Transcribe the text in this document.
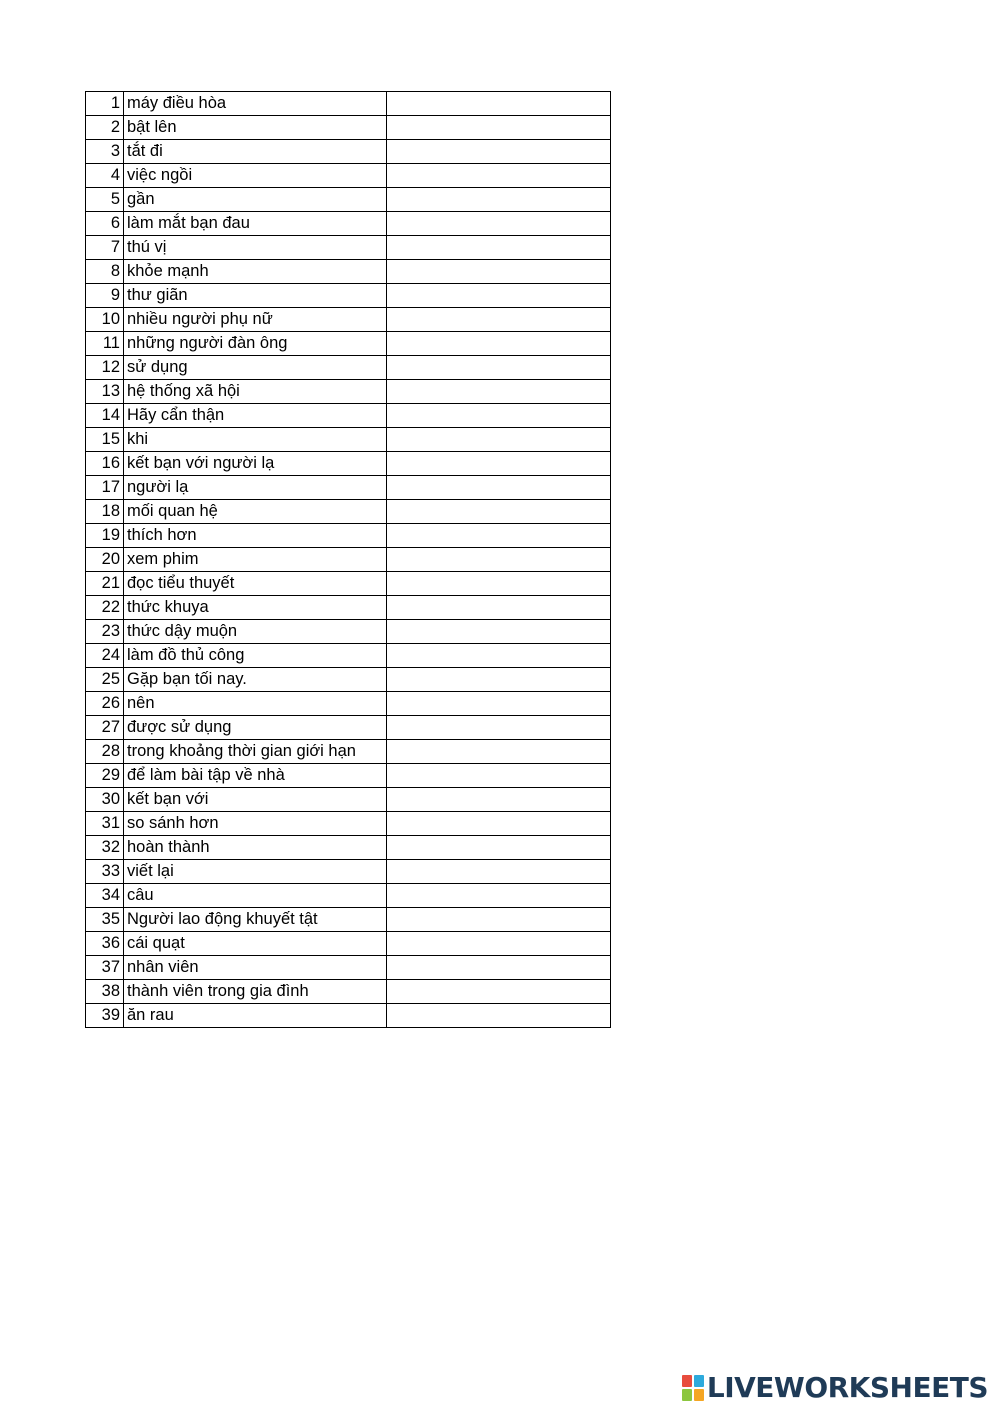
1	máy điều hòa	
2	bật lên	
3	tắt đi	
4	việc ngồi	
5	gần	
6	làm mắt bạn đau	
7	thú vị	
8	khỏe mạnh	
9	thư giãn	
10	nhiều người phụ nữ	
11	những người đàn ông	
12	sử dụng	
13	hệ thống xã hội	
14	Hãy cẩn thận	
15	khi	
16	kết bạn với người lạ	
17	người lạ	
18	mối quan hệ	
19	thích hơn	
20	xem phim	
21	đọc tiểu thuyết	
22	thức khuya	
23	thức dậy muộn	
24	làm đồ thủ công	
25	Gặp bạn tối nay.	
26	nên	
27	được sử dụng	
28	trong khoảng thời gian giới hạn	
29	để làm bài tập về nhà	
30	kết bạn với	
31	so sánh hơn	
32	hoàn thành	
33	viết lại	
34	câu	
35	Người lao động khuyết tật	
36	cái quạt	
37	nhân viên	
38	thành viên trong gia đình	
39	ăn rau	
LIVEWORKSHEETS
